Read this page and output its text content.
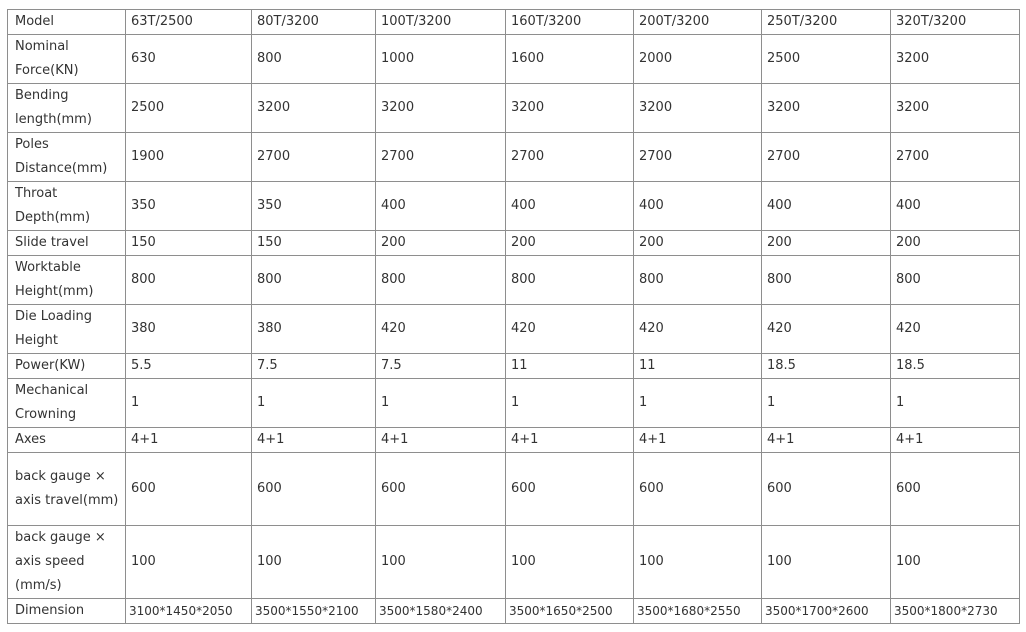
Model	63T/2500	80T/3200	100T/3200	160T/3200	200T/3200	250T/3200	320T/3200
Nominal Force(KN)	630	800	1000	1600	2000	2500	3200
Bending length(mm)	2500	3200	3200	3200	3200	3200	3200
Poles Distance(mm)	1900	2700	2700	2700	2700	2700	2700
Throat Depth(mm)	350	350	400	400	400	400	400
Slide travel	150	150	200	200	200	200	200
Worktable Height(mm)	800	800	800	800	800	800	800
Die Loading Height	380	380	420	420	420	420	420
Power(KW)	5.5	7.5	7.5	11	11	18.5	18.5
Mechanical Crowning	1	1	1	1	1	1	1
Axes	4+1	4+1	4+1	4+1	4+1	4+1	4+1
back gauge × axis travel(mm)	600	600	600	600	600	600	600
back gauge × axis speed (mm/s)	100	100	100	100	100	100	100
Dimension	3100*1450*2050	3500*1550*2100	3500*1580*2400	3500*1650*2500	3500*1680*2550	3500*1700*2600	3500*1800*2730
